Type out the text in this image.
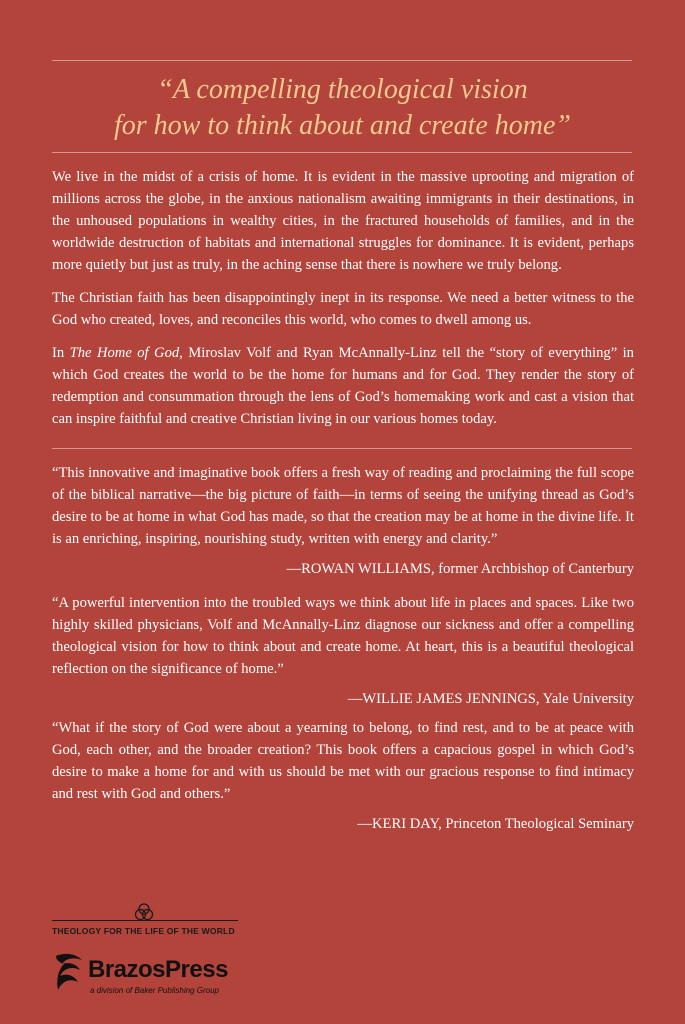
“A compelling theological vision
for how to think about and create home”

We live in the midst of a crisis of home. It is evident in the massive uprooting and migration of millions across the globe, in the anxious nationalism awaiting immigrants in their destinations, in the unhoused populations in wealthy cities, in the fractured households of families, and in the worldwide destruction of habitats and international struggles for dominance. It is evident, perhaps more quietly but just as truly, in the aching sense that there is nowhere we truly belong.

The Christian faith has been disappointingly inept in its response. We need a better witness to the God who created, loves, and reconciles this world, who comes to dwell among us.

In The Home of God, Miroslav Volf and Ryan McAnnally-Linz tell the “story of everything” in which God creates the world to be the home for humans and for God. They render the story of redemption and consummation through the lens of God’s homemaking work and cast a vision that can inspire faithful and creative Christian living in our various homes today.

“This innovative and imaginative book offers a fresh way of reading and proclaiming the full scope of the biblical narrative—the big picture of faith—in terms of seeing the unifying thread as God’s desire to be at home in what God has made, so that the creation may be at home in the divine life. It is an enriching, inspiring, nourishing study, written with energy and clarity.”

—ROWAN WILLIAMS, former Archbishop of Canterbury

“A powerful intervention into the troubled ways we think about life in places and spaces. Like two highly skilled physicians, Volf and McAnnally-Linz diagnose our sickness and offer a compelling theological vision for how to think about and create home. At heart, this is a beautiful theological reflection on the significance of home.”

—WILLIE JAMES JENNINGS, Yale University

“What if the story of God were about a yearning to belong, to find rest, and to be at peace with God, each other, and the broader creation? This book offers a capacious gospel in which God’s desire to make a home for and with us should be met with our gracious response to find intimacy and rest with God and others.”

—KERI DAY, Princeton Theological Seminary
THEOLOGY FOR THE LIFE OF THE WORLD
BrazosPress
a division of Baker Publishing Group
